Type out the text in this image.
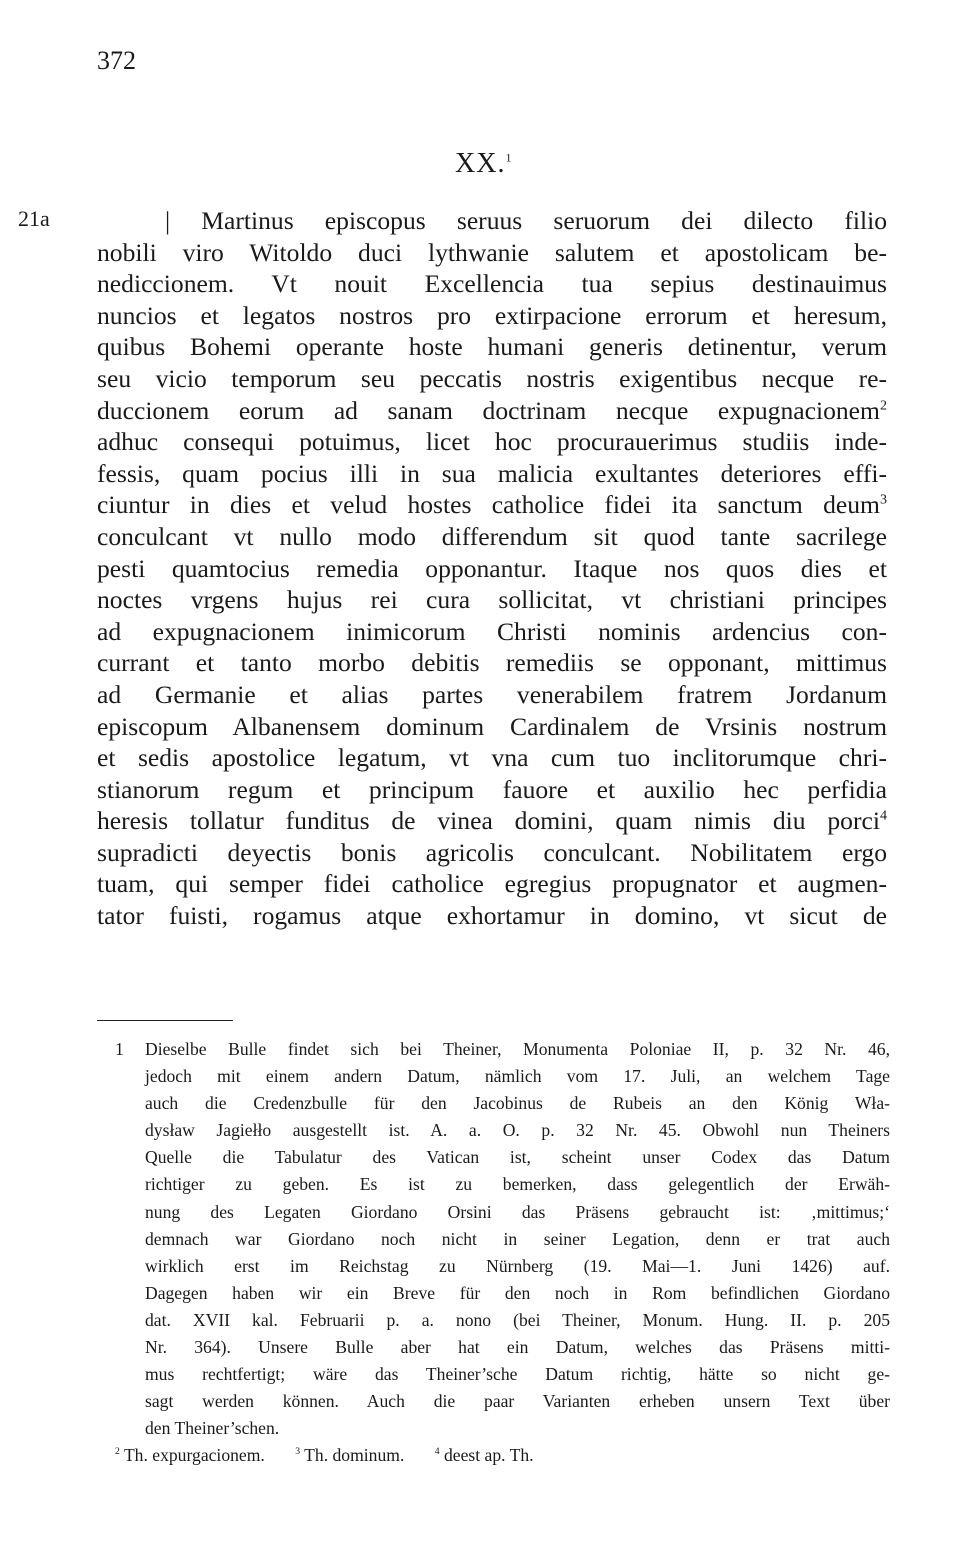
372
XX.$^1$
21a	| Martinus episcopus seruus seruorum dei dilecto filio
nobili viro Witoldo duci lythwanie salutem et apostolicam be-
nediccionem. Vt nouit Excellencia tua sepius destinauimus
nuncios et legatos nostros pro extirpacione errorum et heresum,
quibus Bohemi operante hoste humani generis detinentur, verum
seu vicio temporum seu peccatis nostris exigentibus necque re-
duccionem eorum ad sanam doctrinam necque expugnacionem$^2$
adhuc consequi potuimus, licet hoc procurauerimus studiis inde-
fessis, quam pocius illi in sua malicia exultantes deteriores effi-
ciuntur in dies et velud hostes catholice fidei ita sanctum deum$^3$
conculcant vt nullo modo differendum sit quod tante sacrilege
pesti quamtocius remedia opponantur. Itaque nos quos dies et
noctes vrgens hujus rei cura sollicitat, vt christiani principes
ad expugnacionem inimicorum Christi nominis ardencius con-
currant et tanto morbo debitis remediis se opponant, mittimus
ad Germanie et alias partes venerabilem fratrem Jordanum
episcopum Albanensem dominum Cardinalem de Vrsinis nostrum
et sedis apostolice legatum, vt vna cum tuo inclitorumque chri-
stianorum regum et principum fauore et auxilio hec perfidia
heresis tollatur funditus de vinea domini, quam nimis diu porci$^4$
supradicti deyectis bonis agricolis conculcant. Nobilitatem ergo
tuam, qui semper fidei catholice egregius propugnator et augmen-
tator fuisti, rogamus atque exhortamur in domino, vt sicut de
1 Dieselbe Bulle findet sich bei Theiner, Monumenta Poloniae II, p. 32 Nr. 46,
jedoch mit einem andern Datum, nämlich vom 17. Juli, an welchem Tage
auch die Credenzbulle für den Jacobinus de Rubeis an den König Wła-
dysław Jagiełło ausgestellt ist. A. a. O. p. 32 Nr. 45. Obwohl nun Theiners
Quelle die Tabulatur des Vatican ist, scheint unser Codex das Datum
richtiger zu geben. Es ist zu bemerken, dass gelegentlich der Erwäh-
nung des Legaten Giordano Orsini das Präsens gebraucht ist: ‚mittimus;‘
demnach war Giordano noch nicht in seiner Legation, denn er trat auch
wirklich erst im Reichstag zu Nürnberg (19. Mai—1. Juni 1426) auf.
Dagegen haben wir ein Breve für den noch in Rom befindlichen Giordano
dat. XVII kal. Februarii p. a. nono (bei Theiner, Monum. Hung. II. p. 205
Nr. 364). Unsere Bulle aber hat ein Datum, welches das Präsens mitti-
mus rechtfertigt; wäre das Theiner’sche Datum richtig, hätte so nicht ge-
sagt werden können. Auch die paar Varianten erheben unsern Text über
den Theiner’schen.
$^2$ Th. expurgacionem.	$^3$ Th. dominum.	$^4$ deest ap. Th.
